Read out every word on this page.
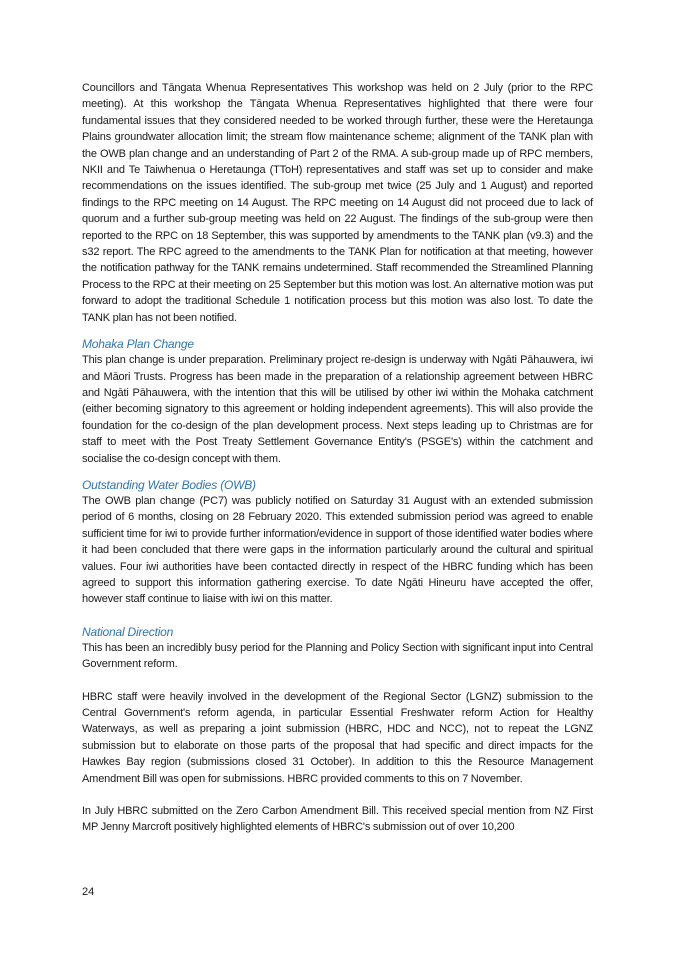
Councillors and Tāngata Whenua Representatives This workshop was held on 2 July (prior to the RPC meeting). At this workshop the Tāngata Whenua Representatives highlighted that there were four fundamental issues that they considered needed to be worked through further, these were the Heretaunga Plains groundwater allocation limit; the stream flow maintenance scheme; alignment of the TANK plan with the OWB plan change and an understanding of Part 2 of the RMA. A sub-group made up of RPC members, NKII and Te Taiwhenua o Heretaunga (TToH) representatives and staff was set up to consider and make recommendations on the issues identified. The sub-group met twice (25 July and 1 August) and reported findings to the RPC meeting on 14 August. The RPC meeting on 14 August did not proceed due to lack of quorum and a further sub-group meeting was held on 22 August. The findings of the sub-group were then reported to the RPC on 18 September, this was supported by amendments to the TANK plan (v9.3) and the s32 report. The RPC agreed to the amendments to the TANK Plan for notification at that meeting, however the notification pathway for the TANK remains undetermined. Staff recommended the Streamlined Planning Process to the RPC at their meeting on 25 September but this motion was lost. An alternative motion was put forward to adopt the traditional Schedule 1 notification process but this motion was also lost. To date the TANK plan has not been notified.

Mohaka Plan Change

This plan change is under preparation. Preliminary project re-design is underway with Ngāti Pāhauwera, iwi and Māori Trusts. Progress has been made in the preparation of a relationship agreement between HBRC and Ngāti Pāhauwera, with the intention that this will be utilised by other iwi within the Mohaka catchment (either becoming signatory to this agreement or holding independent agreements). This will also provide the foundation for the co-design of the plan development process. Next steps leading up to Christmas are for staff to meet with the Post Treaty Settlement Governance Entity's (PSGE's) within the catchment and socialise the co-design concept with them.

Outstanding Water Bodies (OWB)

The OWB plan change (PC7) was publicly notified on Saturday 31 August with an extended submission period of 6 months, closing on 28 February 2020. This extended submission period was agreed to enable sufficient time for iwi to provide further information/evidence in support of those identified water bodies where it had been concluded that there were gaps in the information particularly around the cultural and spiritual values. Four iwi authorities have been contacted directly in respect of the HBRC funding which has been agreed to support this information gathering exercise. To date Ngāti Hineuru have accepted the offer, however staff continue to liaise with iwi on this matter.

National Direction

This has been an incredibly busy period for the Planning and Policy Section with significant input into Central Government reform.

HBRC staff were heavily involved in the development of the Regional Sector (LGNZ) submission to the Central Government's reform agenda, in particular Essential Freshwater reform Action for Healthy Waterways, as well as preparing a joint submission (HBRC, HDC and NCC), not to repeat the LGNZ submission but to elaborate on those parts of the proposal that had specific and direct impacts for the Hawkes Bay region (submissions closed 31 October). In addition to this the Resource Management Amendment Bill was open for submissions. HBRC provided comments to this on 7 November.

In July HBRC submitted on the Zero Carbon Amendment Bill. This received special mention from NZ First MP Jenny Marcroft positively highlighted elements of HBRC's submission out of over 10,200

24
